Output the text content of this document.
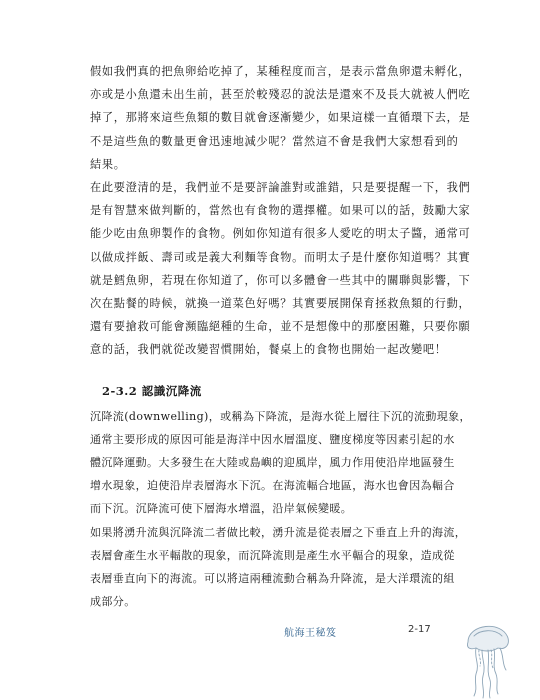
假如我們真的把魚卵給吃掉了，某種程度而言，是表示當魚卵還未孵化，

亦或是小魚還未出生前，甚至於較殘忍的說法是還來不及長大就被人們吃

掉了，那將來這些魚類的數目就會逐漸變少，如果這樣一直循環下去，是

不是這些魚的數量更會迅速地減少呢？當然這不會是我們大家想看到的

結果。

在此要澄清的是，我們並不是要評論誰對或誰錯，只是要提醒一下，我們

是有智慧來做判斷的，當然也有食物的選擇權。如果可以的話，鼓勵大家

能少吃由魚卵製作的食物。例如你知道有很多人愛吃的明太子醬，通常可

以做成拌飯、壽司或是義大利麵等食物。而明太子是什麼你知道嗎？其實

就是鱈魚卵，若現在你知道了，你可以多體會一些其中的關聯與影響，下

次在點餐的時候，就換一道菜色好嗎？其實要展開保育拯救魚類的行動，

還有要搶救可能會瀕臨絕種的生命，並不是想像中的那麼困難，只要你願

意的話，我們就從改變習慣開始，餐桌上的食物也開始一起改變吧！

2-3.2 認識沉降流

沉降流(downwelling)，或稱為下降流，是海水從上層往下沉的流動現象，

通常主要形成的原因可能是海洋中因水層溫度、鹽度梯度等因素引起的水

體沉降運動。大多發生在大陸或島嶼的迎風岸，風力作用使沿岸地區發生

增水現象，迫使沿岸表層海水下沉。在海流輻合地區，海水也會因為輻合

而下沉。沉降流可使下層海水增溫，沿岸氣候變暖。

如果將湧升流與沉降流二者做比較，湧升流是從表層之下垂直上升的海流，

表層會產生水平輻散的現象，而沉降流則是產生水平輻合的現象，造成從

表層垂直向下的海流。可以將這兩種流動合稱為升降流，是大洋環流的組

成部分。

航海王秘笈	2-17
